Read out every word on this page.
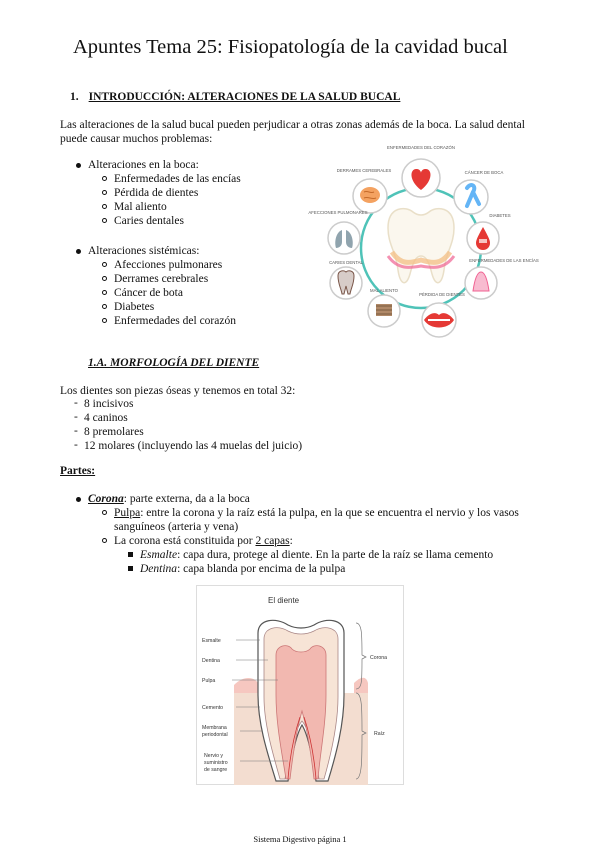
Apuntes Tema 25: Fisiopatología de la cavidad bucal
1. INTRODUCCIÓN: ALTERACIONES DE LA SALUD BUCAL
Las alteraciones de la salud bucal pueden perjudicar a otras zonas además de la boca. La salud dental puede causar muchos problemas:
Alteraciones en la boca:
Enfermedades de las encías
Pérdida de dientes
Mal aliento
Caries dentales
Alteraciones sistémicas:
Afecciones pulmonares
Derrames cerebrales
Cáncer de bota
Diabetes
Enfermedades del corazón
ENFERMEDADES DEL CORAZÓN
CÁNCER DE BOCA
DIABETES
ENFERMEDADES DE LAS ENCÍAS
PÉRDIDA DE DIENTES
MAL ALIENTO
CARIES DENTAL
AFECCIONES PULMONARES
DERRAMES CEREBRALES
1.A. MORFOLOGÍA DEL DIENTE
Los dientes son piezas óseas y tenemos en total 32:
- 8 incisivos
- 4 caninos
- 8 premolares
- 12 molares (incluyendo las 4 muelas del juicio)
Partes:
Corona: parte externa, da a la boca
Pulpa: entre la corona y la raíz está la pulpa, en la que se encuentra el nervio y los vasos sanguíneos (arteria y vena)
La corona está constituida por 2 capas:
Esmalte: capa dura, protege al diente. En la parte de la raíz se llama cemento
Dentina: capa blanda por encima de la pulpa
El diente
Esmalte
Dentina
Pulpa
Cemento
Membrana
periodontal
Nervio y
suministro
de sangre
Corona
Raíz
Sistema Digestivo página 1
